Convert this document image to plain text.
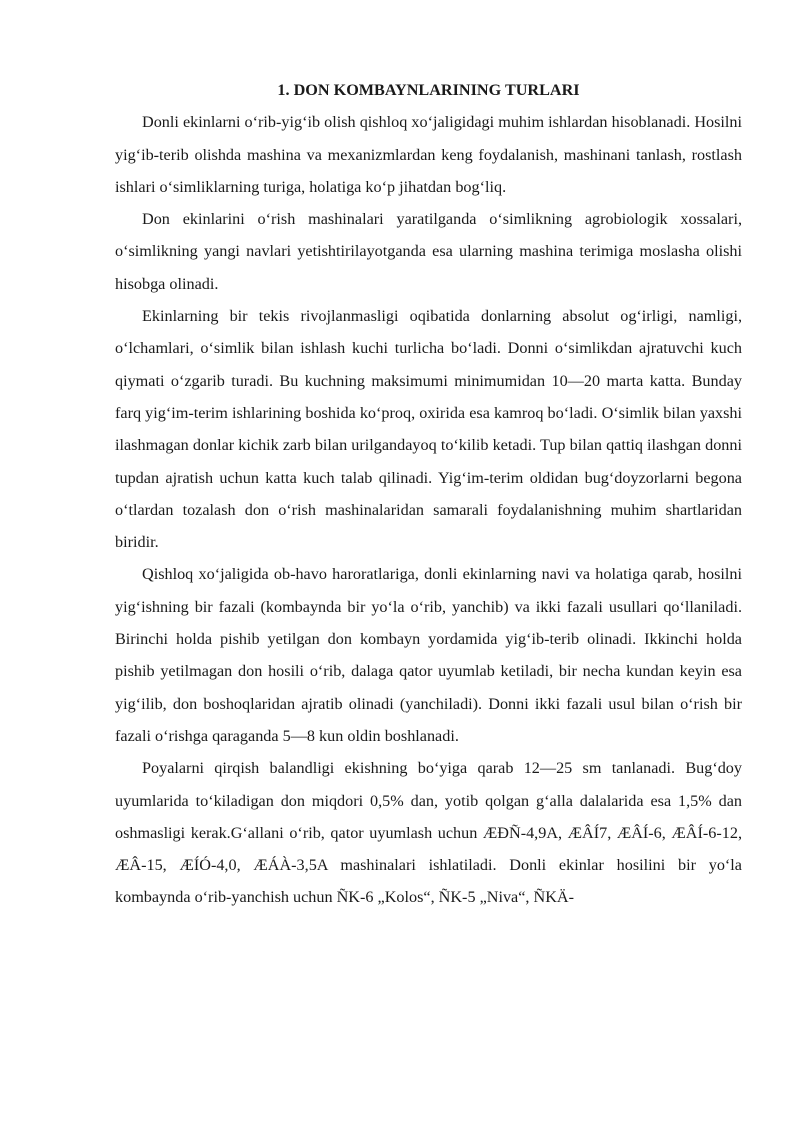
1. DON KOMBAYNLARINING TURLARI

Donli ekinlarni o‘rib-yig‘ib olish qishloq xo‘jaligidagi muhim ishlardan hisoblanadi. Hosilni yig‘ib-terib olishda mashina va mexanizmlardan keng foydalanish, mashinani tanlash, rostlash ishlari o‘simliklarning turiga, holatiga ko‘p jihatdan bog‘liq.

Don ekinlarini o‘rish mashinalari yaratilganda o‘simlikning agrobiologik xossalari, o‘simlikning yangi navlari yetishtirilayotganda esa ularning mashina terimiga moslasha olishi hisobga olinadi.

Ekinlarning bir tekis rivojlanmasligi oqibatida donlarning absolut og‘irligi, namligi, o‘lchamlari, o‘simlik bilan ishlash kuchi turlicha bo‘ladi. Donni o‘simlikdan ajratuvchi kuch qiymati o‘zgarib turadi. Bu kuchning maksimumi minimumidan 10—20 marta katta. Bunday farq yig‘im-terim ishlarining boshida ko‘proq, oxirida esa kamroq bo‘ladi. O‘simlik bilan yaxshi ilashmagan donlar kichik zarb bilan urilgandayoq to‘kilib ketadi. Tup bilan qattiq ilashgan donni tupdan ajratish uchun katta kuch talab qilinadi. Yig‘im-terim oldidan bug‘doyzorlarni begona o‘tlardan tozalash don o‘rish mashinalaridan samarali foydalanishning muhim shartlaridan biridir.

Qishloq xo‘jaligida ob-havo haroratlariga, donli ekinlarning navi va holatiga qarab, hosilni yig‘ishning bir fazali (kombaynda bir yo‘la o‘rib, yanchib) va ikki fazali usullari qo‘llaniladi. Birinchi holda pishib yetilgan don kombayn yordamida yig‘ib-terib olinadi. Ikkinchi holda pishib yetilmagan don hosili o‘rib, dalaga qator uyumlab ketiladi, bir necha kundan keyin esa yig‘ilib, don boshoqlaridan ajratib olinadi (yanchiladi). Donni ikki fazali usul bilan o‘rish bir fazali o‘rishga qaraganda 5—8 kun oldin boshlanadi.

Poyalarni qirqish balandligi ekishning bo‘yiga qarab 12—25 sm tanlanadi. Bug‘doy uyumlarida to‘kiladigan don miqdori 0,5% dan, yotib qolgan g‘alla dalalarida esa 1,5% dan oshmasligi kerak.G‘allani o‘rib, qator uyumlash uchun ÆĐÑ-4,9A, ÆÂÍ7, ÆÂÍ-6, ÆÂÍ-6-12, ÆÂ-15, ÆÍÓ-4,0, ÆÁÀ-3,5A mashinalari ishlatiladi. Donli ekinlar hosilini bir yo‘la kombaynda o‘rib-yanchish uchun ÑK-6 „Kolos“, ÑK-5 „Niva“, ÑKÄ-
